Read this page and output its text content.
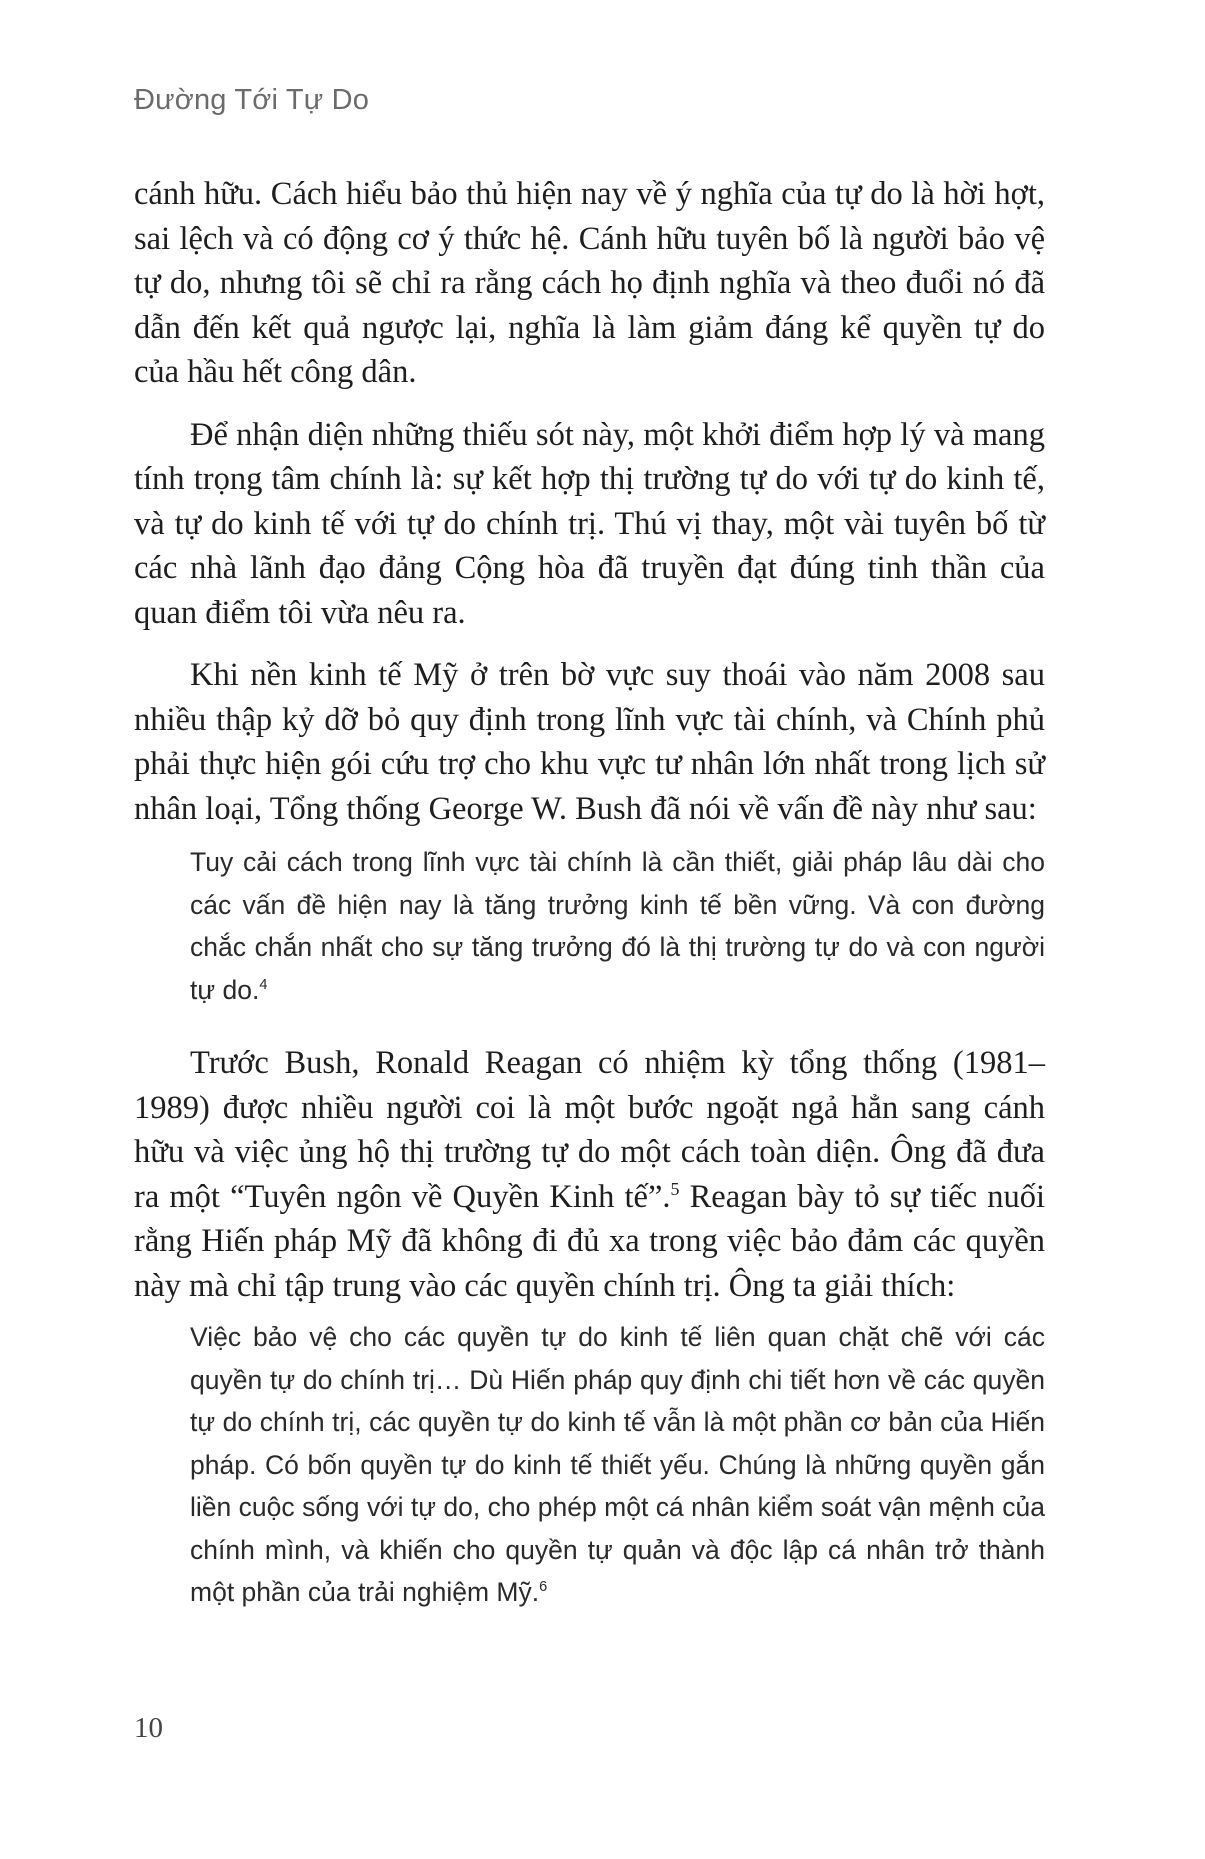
Đường Tới Tự Do

cánh hữu. Cách hiểu bảo thủ hiện nay về ý nghĩa của tự do là hời hợt, sai lệch và có động cơ ý thức hệ. Cánh hữu tuyên bố là người bảo vệ tự do, nhưng tôi sẽ chỉ ra rằng cách họ định nghĩa và theo đuổi nó đã dẫn đến kết quả ngược lại, nghĩa là làm giảm đáng kể quyền tự do của hầu hết công dân.

Để nhận diện những thiếu sót này, một khởi điểm hợp lý và mang tính trọng tâm chính là: sự kết hợp thị trường tự do với tự do kinh tế, và tự do kinh tế với tự do chính trị. Thú vị thay, một vài tuyên bố từ các nhà lãnh đạo đảng Cộng hòa đã truyền đạt đúng tinh thần của quan điểm tôi vừa nêu ra.

Khi nền kinh tế Mỹ ở trên bờ vực suy thoái vào năm 2008 sau nhiều thập kỷ dỡ bỏ quy định trong lĩnh vực tài chính, và Chính phủ phải thực hiện gói cứu trợ cho khu vực tư nhân lớn nhất trong lịch sử nhân loại, Tổng thống George W. Bush đã nói về vấn đề này như sau:

Tuy cải cách trong lĩnh vực tài chính là cần thiết, giải pháp lâu dài cho các vấn đề hiện nay là tăng trưởng kinh tế bền vững. Và con đường chắc chắn nhất cho sự tăng trưởng đó là thị trường tự do và con người tự do.$^4$

Trước Bush, Ronald Reagan có nhiệm kỳ tổng thống (1981–1989) được nhiều người coi là một bước ngoặt ngả hẳn sang cánh hữu và việc ủng hộ thị trường tự do một cách toàn diện. Ông đã đưa ra một “Tuyên ngôn về Quyền Kinh tế”.$^5$ Reagan bày tỏ sự tiếc nuối rằng Hiến pháp Mỹ đã không đi đủ xa trong việc bảo đảm các quyền này mà chỉ tập trung vào các quyền chính trị. Ông ta giải thích:

Việc bảo vệ cho các quyền tự do kinh tế liên quan chặt chẽ với các quyền tự do chính trị… Dù Hiến pháp quy định chi tiết hơn về các quyền tự do chính trị, các quyền tự do kinh tế vẫn là một phần cơ bản của Hiến pháp. Có bốn quyền tự do kinh tế thiết yếu. Chúng là những quyền gắn liền cuộc sống với tự do, cho phép một cá nhân kiểm soát vận mệnh của chính mình, và khiến cho quyền tự quản và độc lập cá nhân trở thành một phần của trải nghiệm Mỹ.$^6$

10
